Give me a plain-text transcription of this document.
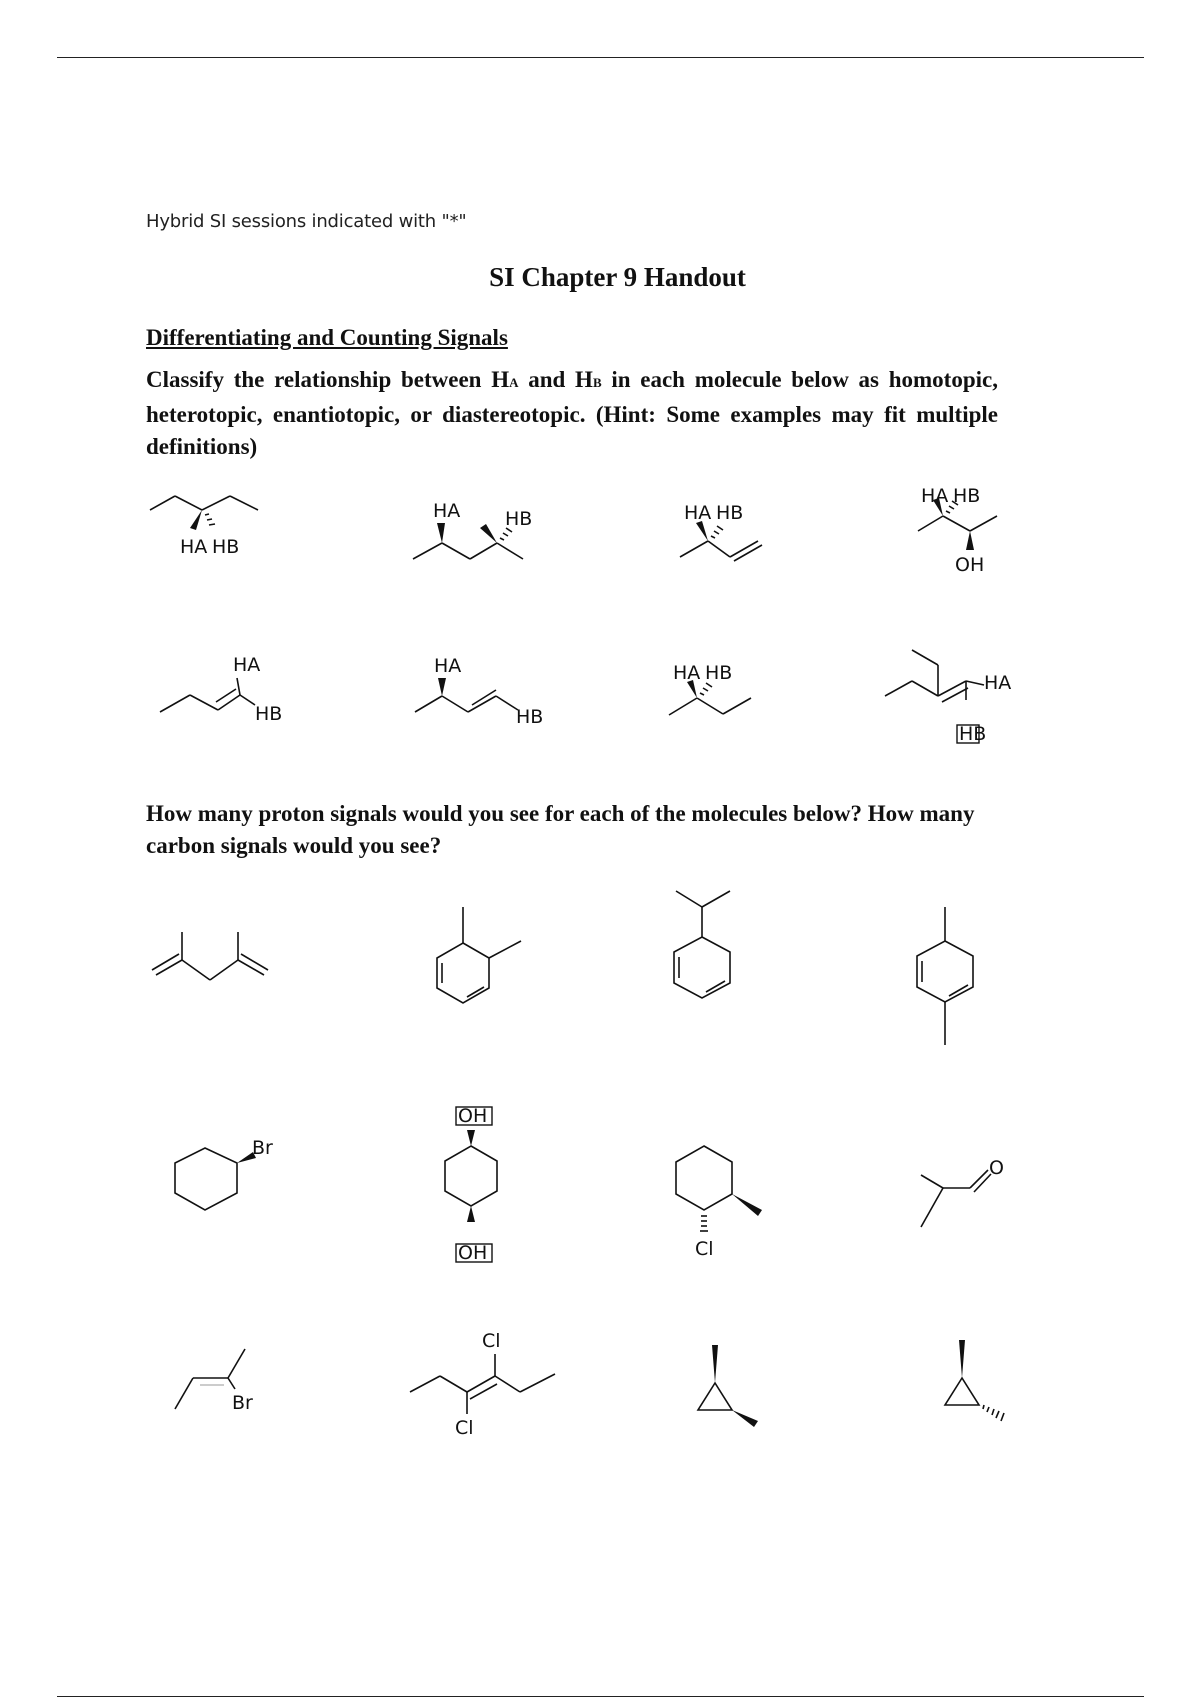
Hybrid SI sessions indicated with "*"
SI Chapter 9 Handout
Differentiating and Counting Signals
Classify the relationship between HA and HB in each molecule below as homotopic, heterotopic, enantiotopic, or diastereotopic. (Hint: Some examples may fit multiple definitions)
HA HB
HA HB	HA HB
HA HB
OH
HA
HB
HA
HB
HA HB	HA
HB
How many proton signals would you see for each of the molecules below? How many carbon signals would you see?
Br
OH
OH	Cl
O
Br
Cl
Cl
